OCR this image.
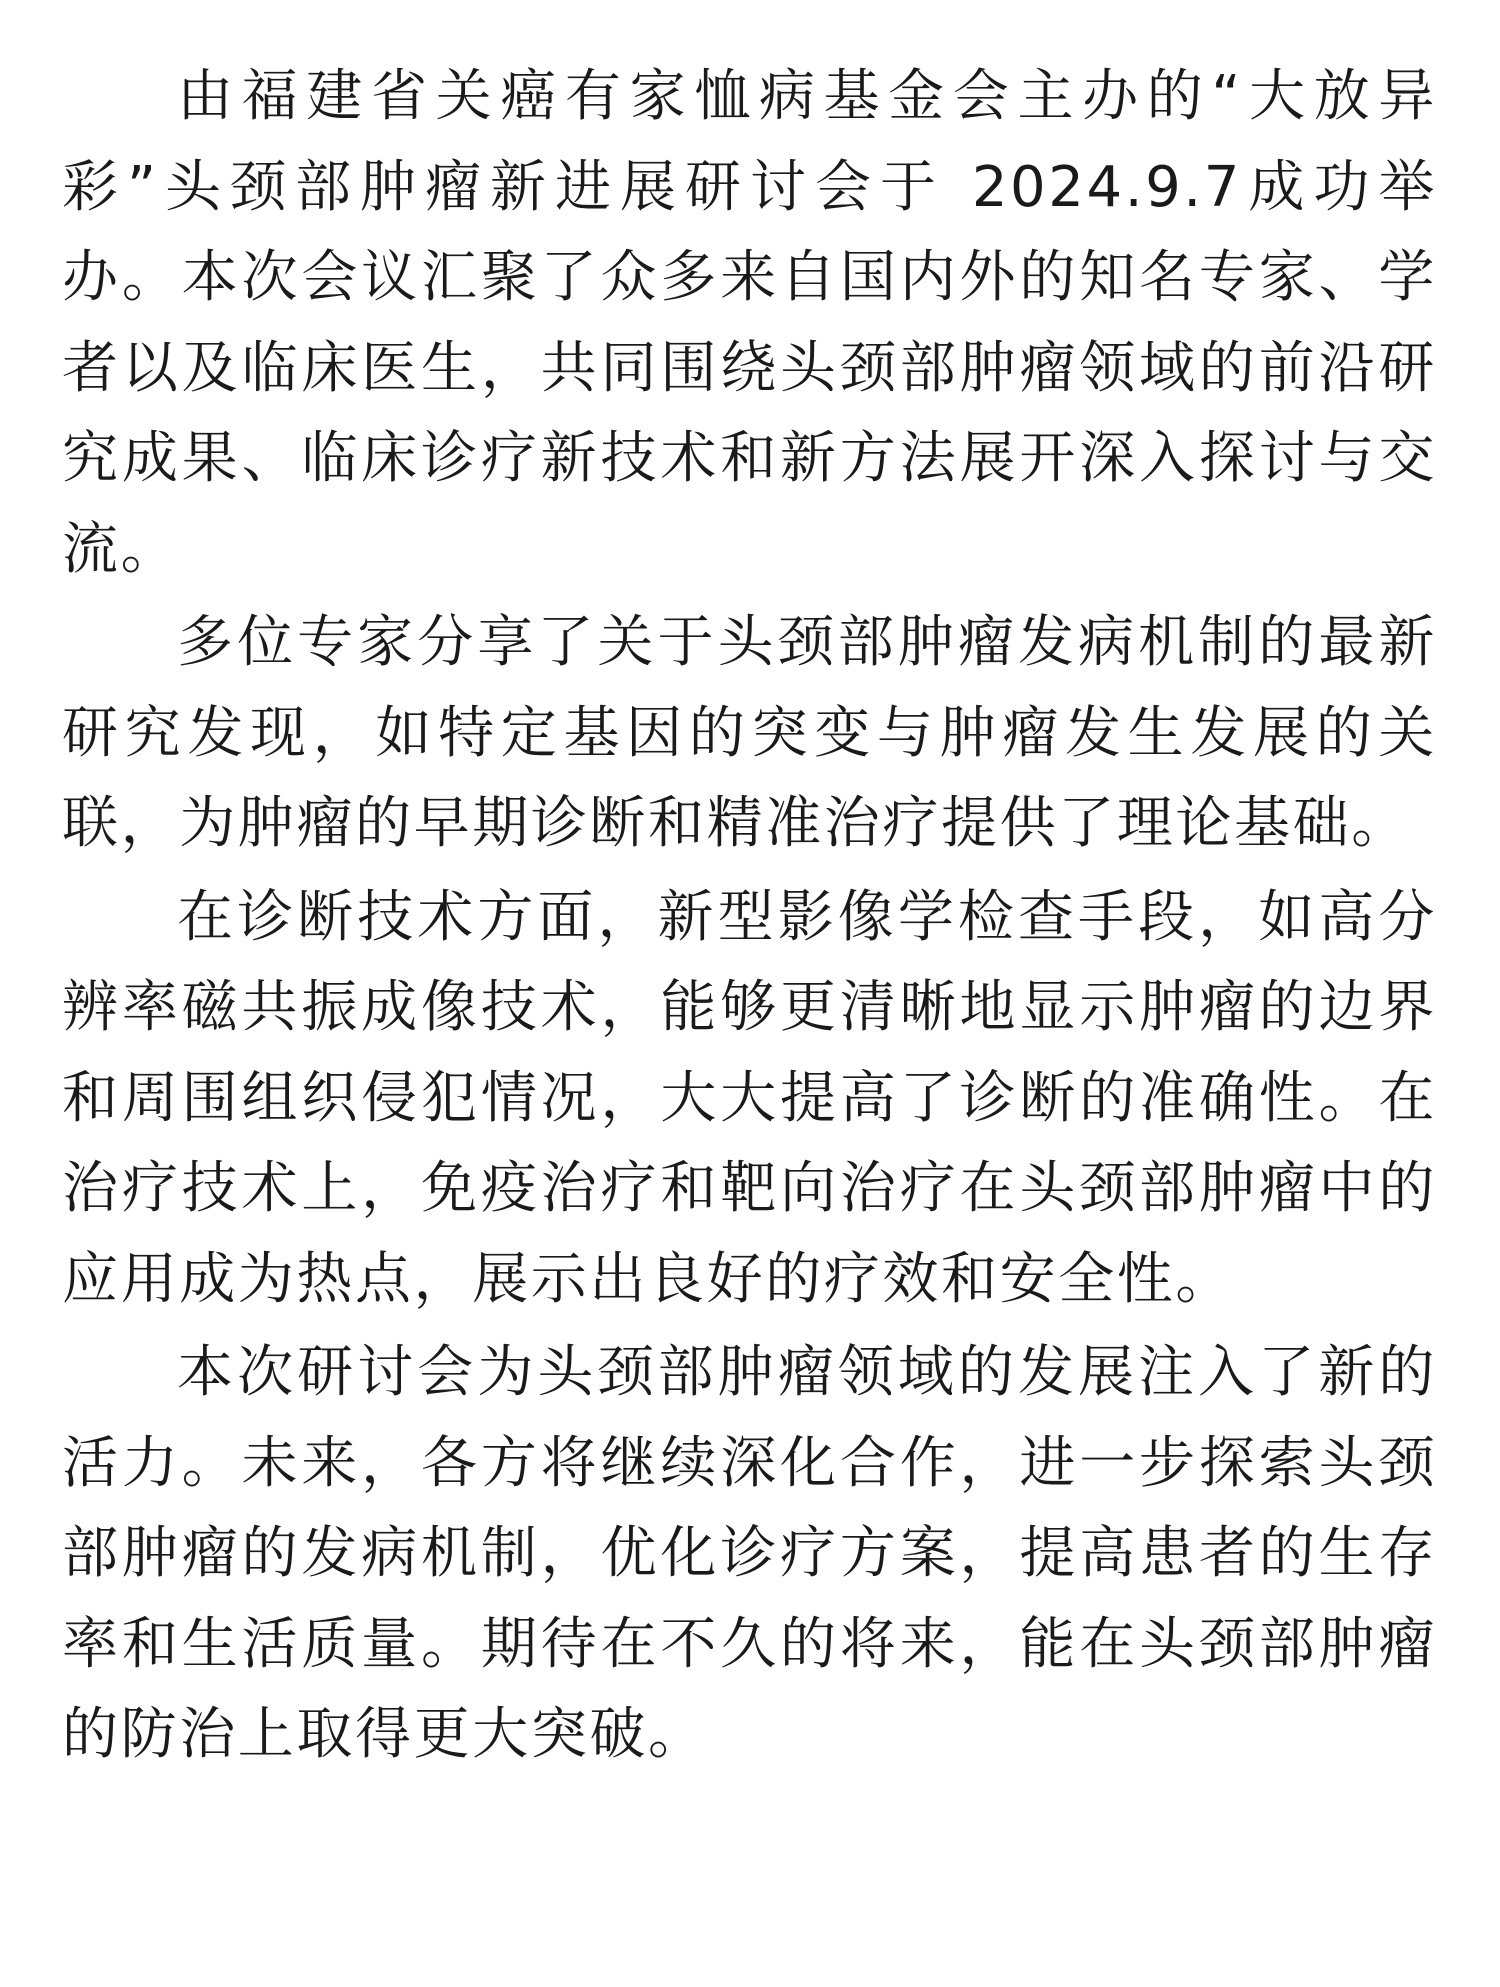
由福建省关癌有家恤病基金会主办的“大放异彩”头颈部肿瘤新进展研讨会于 2024.9.7成功举办。本次会议汇聚了众多来自国内外的知名专家、学者以及临床医生，共同围绕头颈部肿瘤领域的前沿研究成果、临床诊疗新技术和新方法展开深入探讨与交流。

多位专家分享了关于头颈部肿瘤发病机制的最新研究发现，如特定基因的突变与肿瘤发生发展的关联，为肿瘤的早期诊断和精准治疗提供了理论基础。

在诊断技术方面，新型影像学检查手段，如高分辨率磁共振成像技术，能够更清晰地显示肿瘤的边界和周围组织侵犯情况，大大提高了诊断的准确性。在治疗技术上，免疫治疗和靶向治疗在头颈部肿瘤中的应用成为热点，展示出良好的疗效和安全性。

本次研讨会为头颈部肿瘤领域的发展注入了新的活力。未来，各方将继续深化合作，进一步探索头颈部肿瘤的发病机制，优化诊疗方案，提高患者的生存率和生活质量。期待在不久的将来，能在头颈部肿瘤的防治上取得更大突破。
